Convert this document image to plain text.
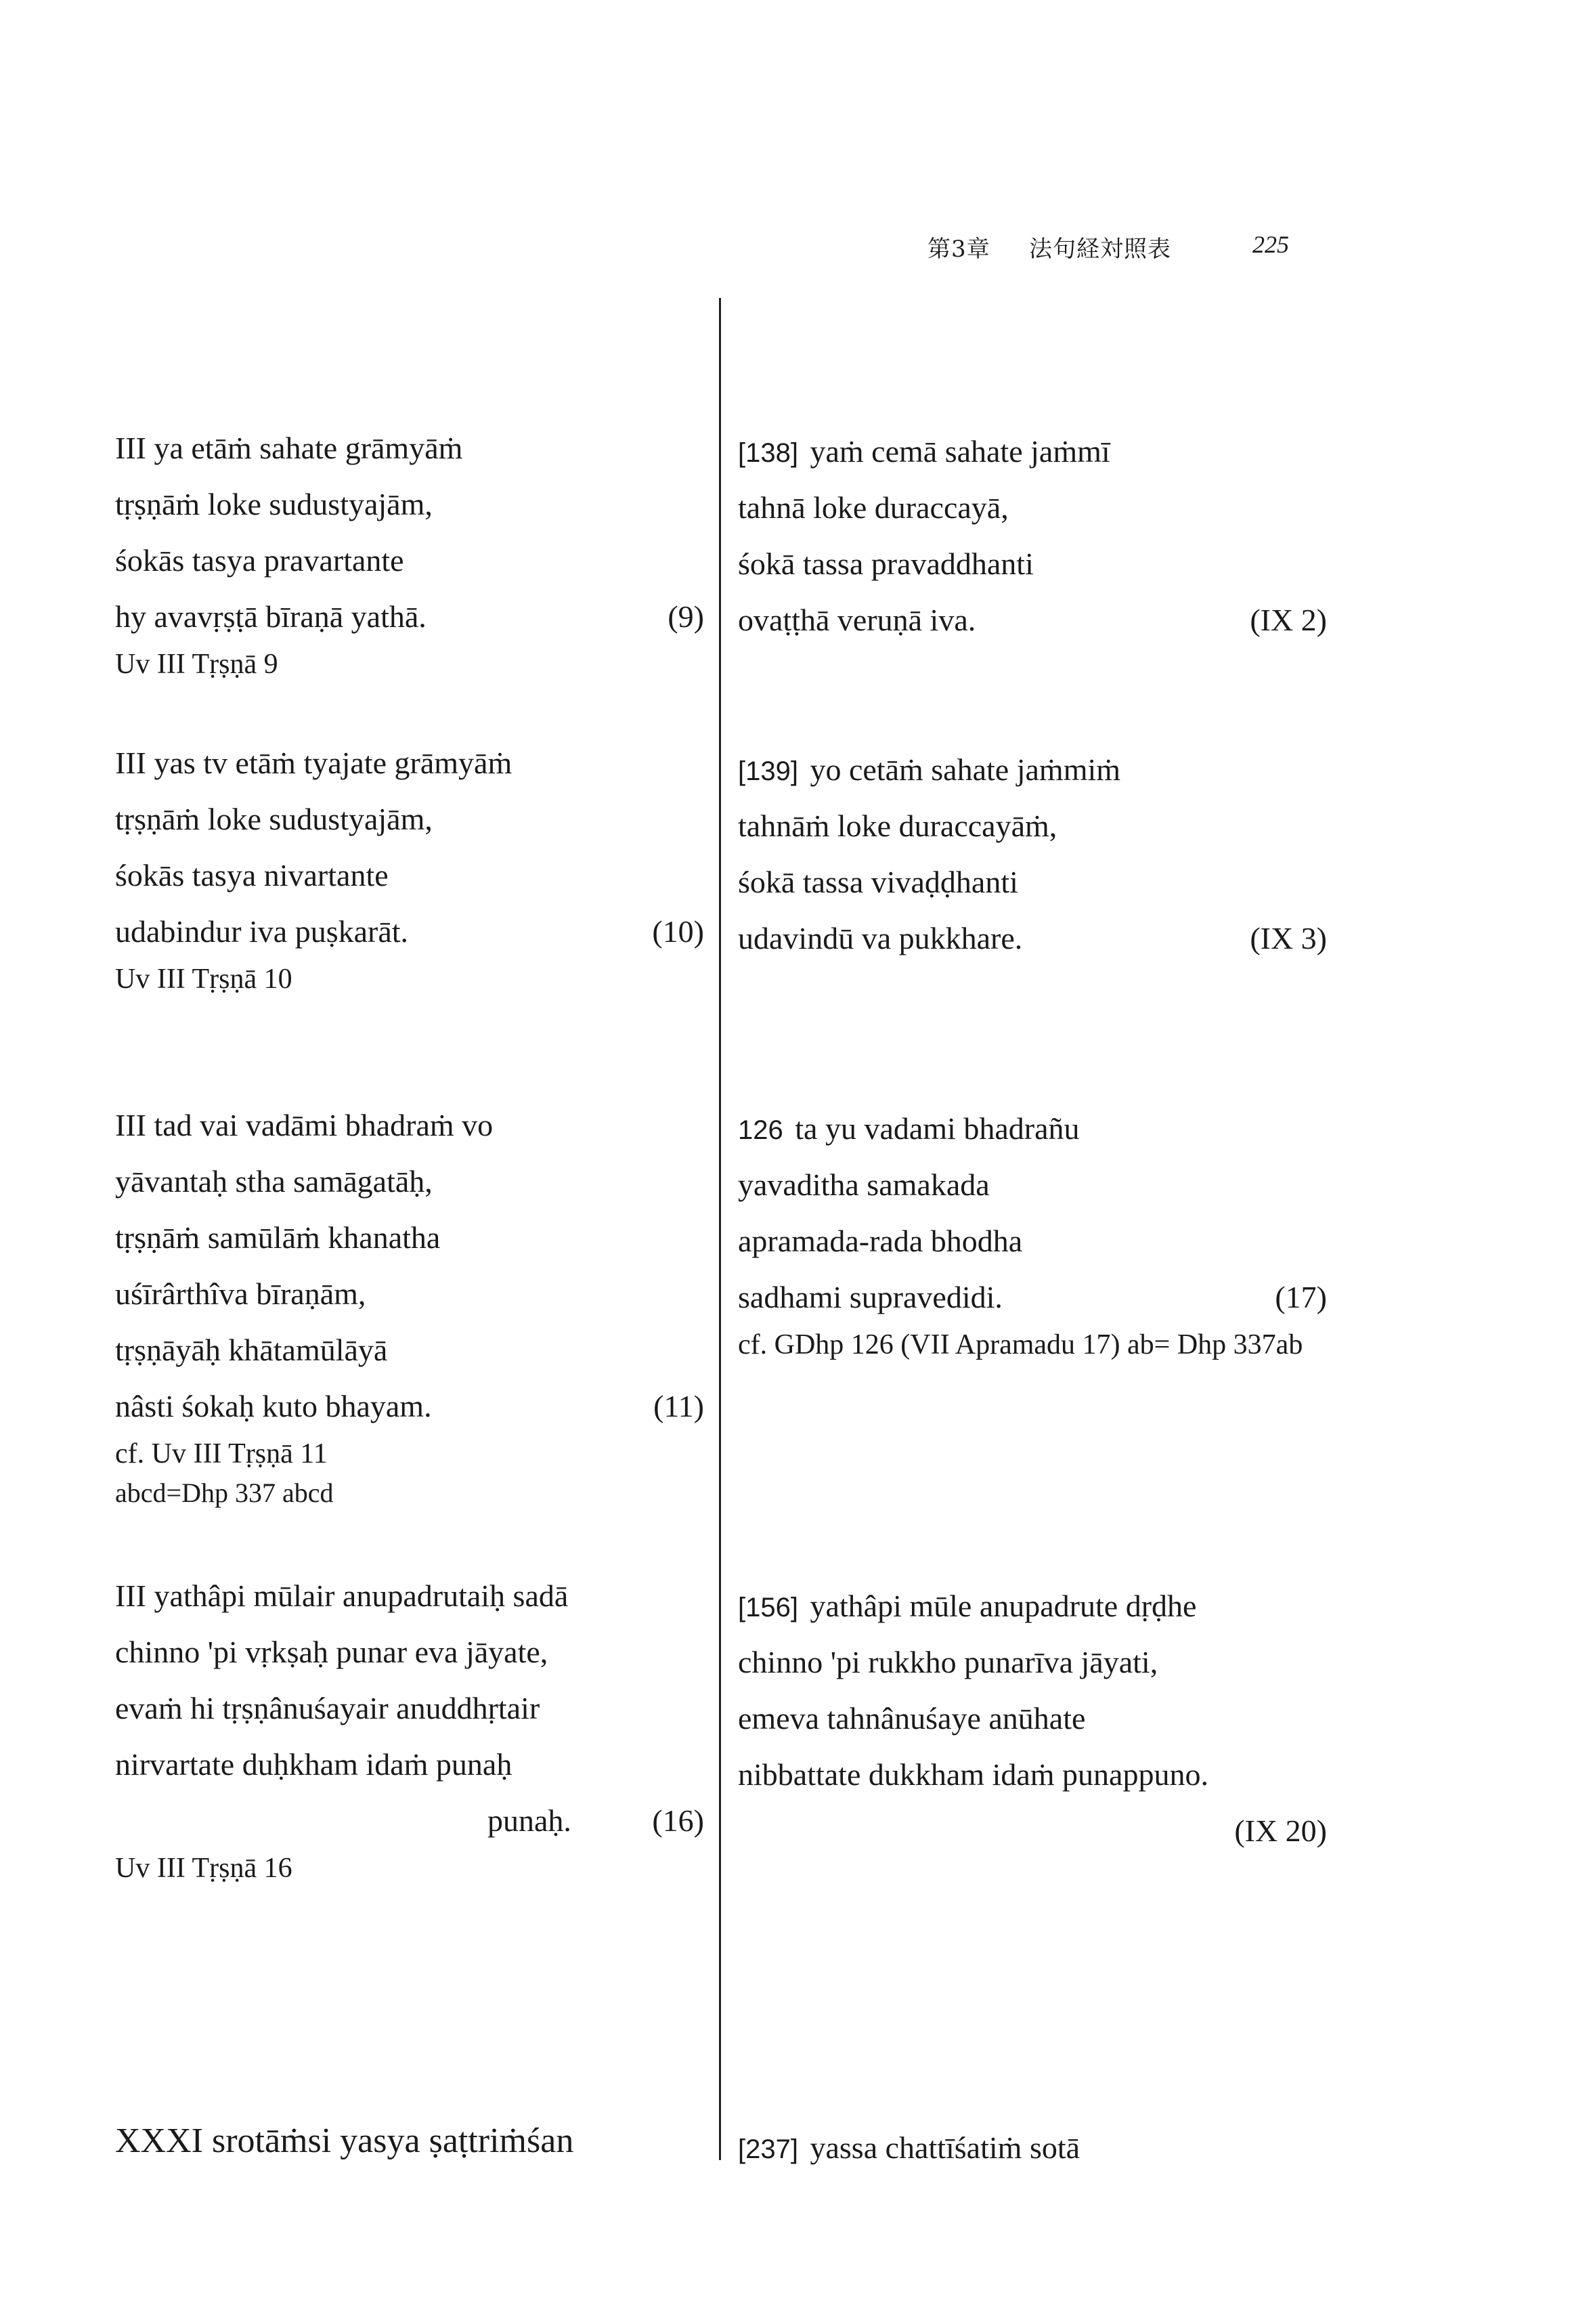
第3章 法句経対照表	225
III ya etāṁ sahate grāmyāṁ
tṛṣṇāṁ loke sudustyajām,
śokās tasya pravartante
hy avavṛṣṭā bīraṇā yathā.	(9)
Uv III Tṛṣṇā 9
III yas tv etāṁ tyajate grāmyāṁ
tṛṣṇāṁ loke sudustyajām,
śokās tasya nivartante
udabindur iva puṣkarāt.	(10)
Uv III Tṛṣṇā 10
III tad vai vadāmi bhadraṁ vo
yāvantaḥ stha samāgatāḥ,
tṛṣṇāṁ samūlāṁ khanatha
uśīrârthîva bīraṇām,
tṛṣṇāyāḥ khātamūlāyā
nâsti śokaḥ kuto bhayam.	(11)
cf. Uv III Tṛṣṇā 11
abcd=Dhp 337 abcd
III yathâpi mūlair anupadrutaiḥ sadā
chinno 'pi vṛkṣaḥ punar eva jāyate,
evaṁ hi tṛṣṇânuśayair anuddhṛtair
nirvartate duḥkham idaṁ punaḥ
punaḥ.	(16)
Uv III Tṛṣṇā 16
XXXI srotāṁsi yasya ṣaṭtriṁśan
[138] yaṁ cemā sahate jaṁmī
tahnā loke duraccayā,
śokā tassa pravaddhanti
ovaṭṭhā veruṇā iva.	(IX 2)
[139] yo cetāṁ sahate jaṁmiṁ
tahnāṁ loke duraccayāṁ,
śokā tassa vivaḍḍhanti
udavindū va pukkhare.	(IX 3)
126 ta yu vadami bhadrañu
yavaditha samakada
apramada-rada bhodha
sadhami supravedidi.	(17)
cf. GDhp 126 (VII Apramadu 17) ab= Dhp 337ab
[156] yathâpi mūle anupadrute dṛḍhe
chinno 'pi rukkho punarīva jāyati,
emeva tahnânuśaye anūhate
nibbattate dukkham idaṁ punappuno.
(IX 20)
[237] yassa chattīśatiṁ sotā
